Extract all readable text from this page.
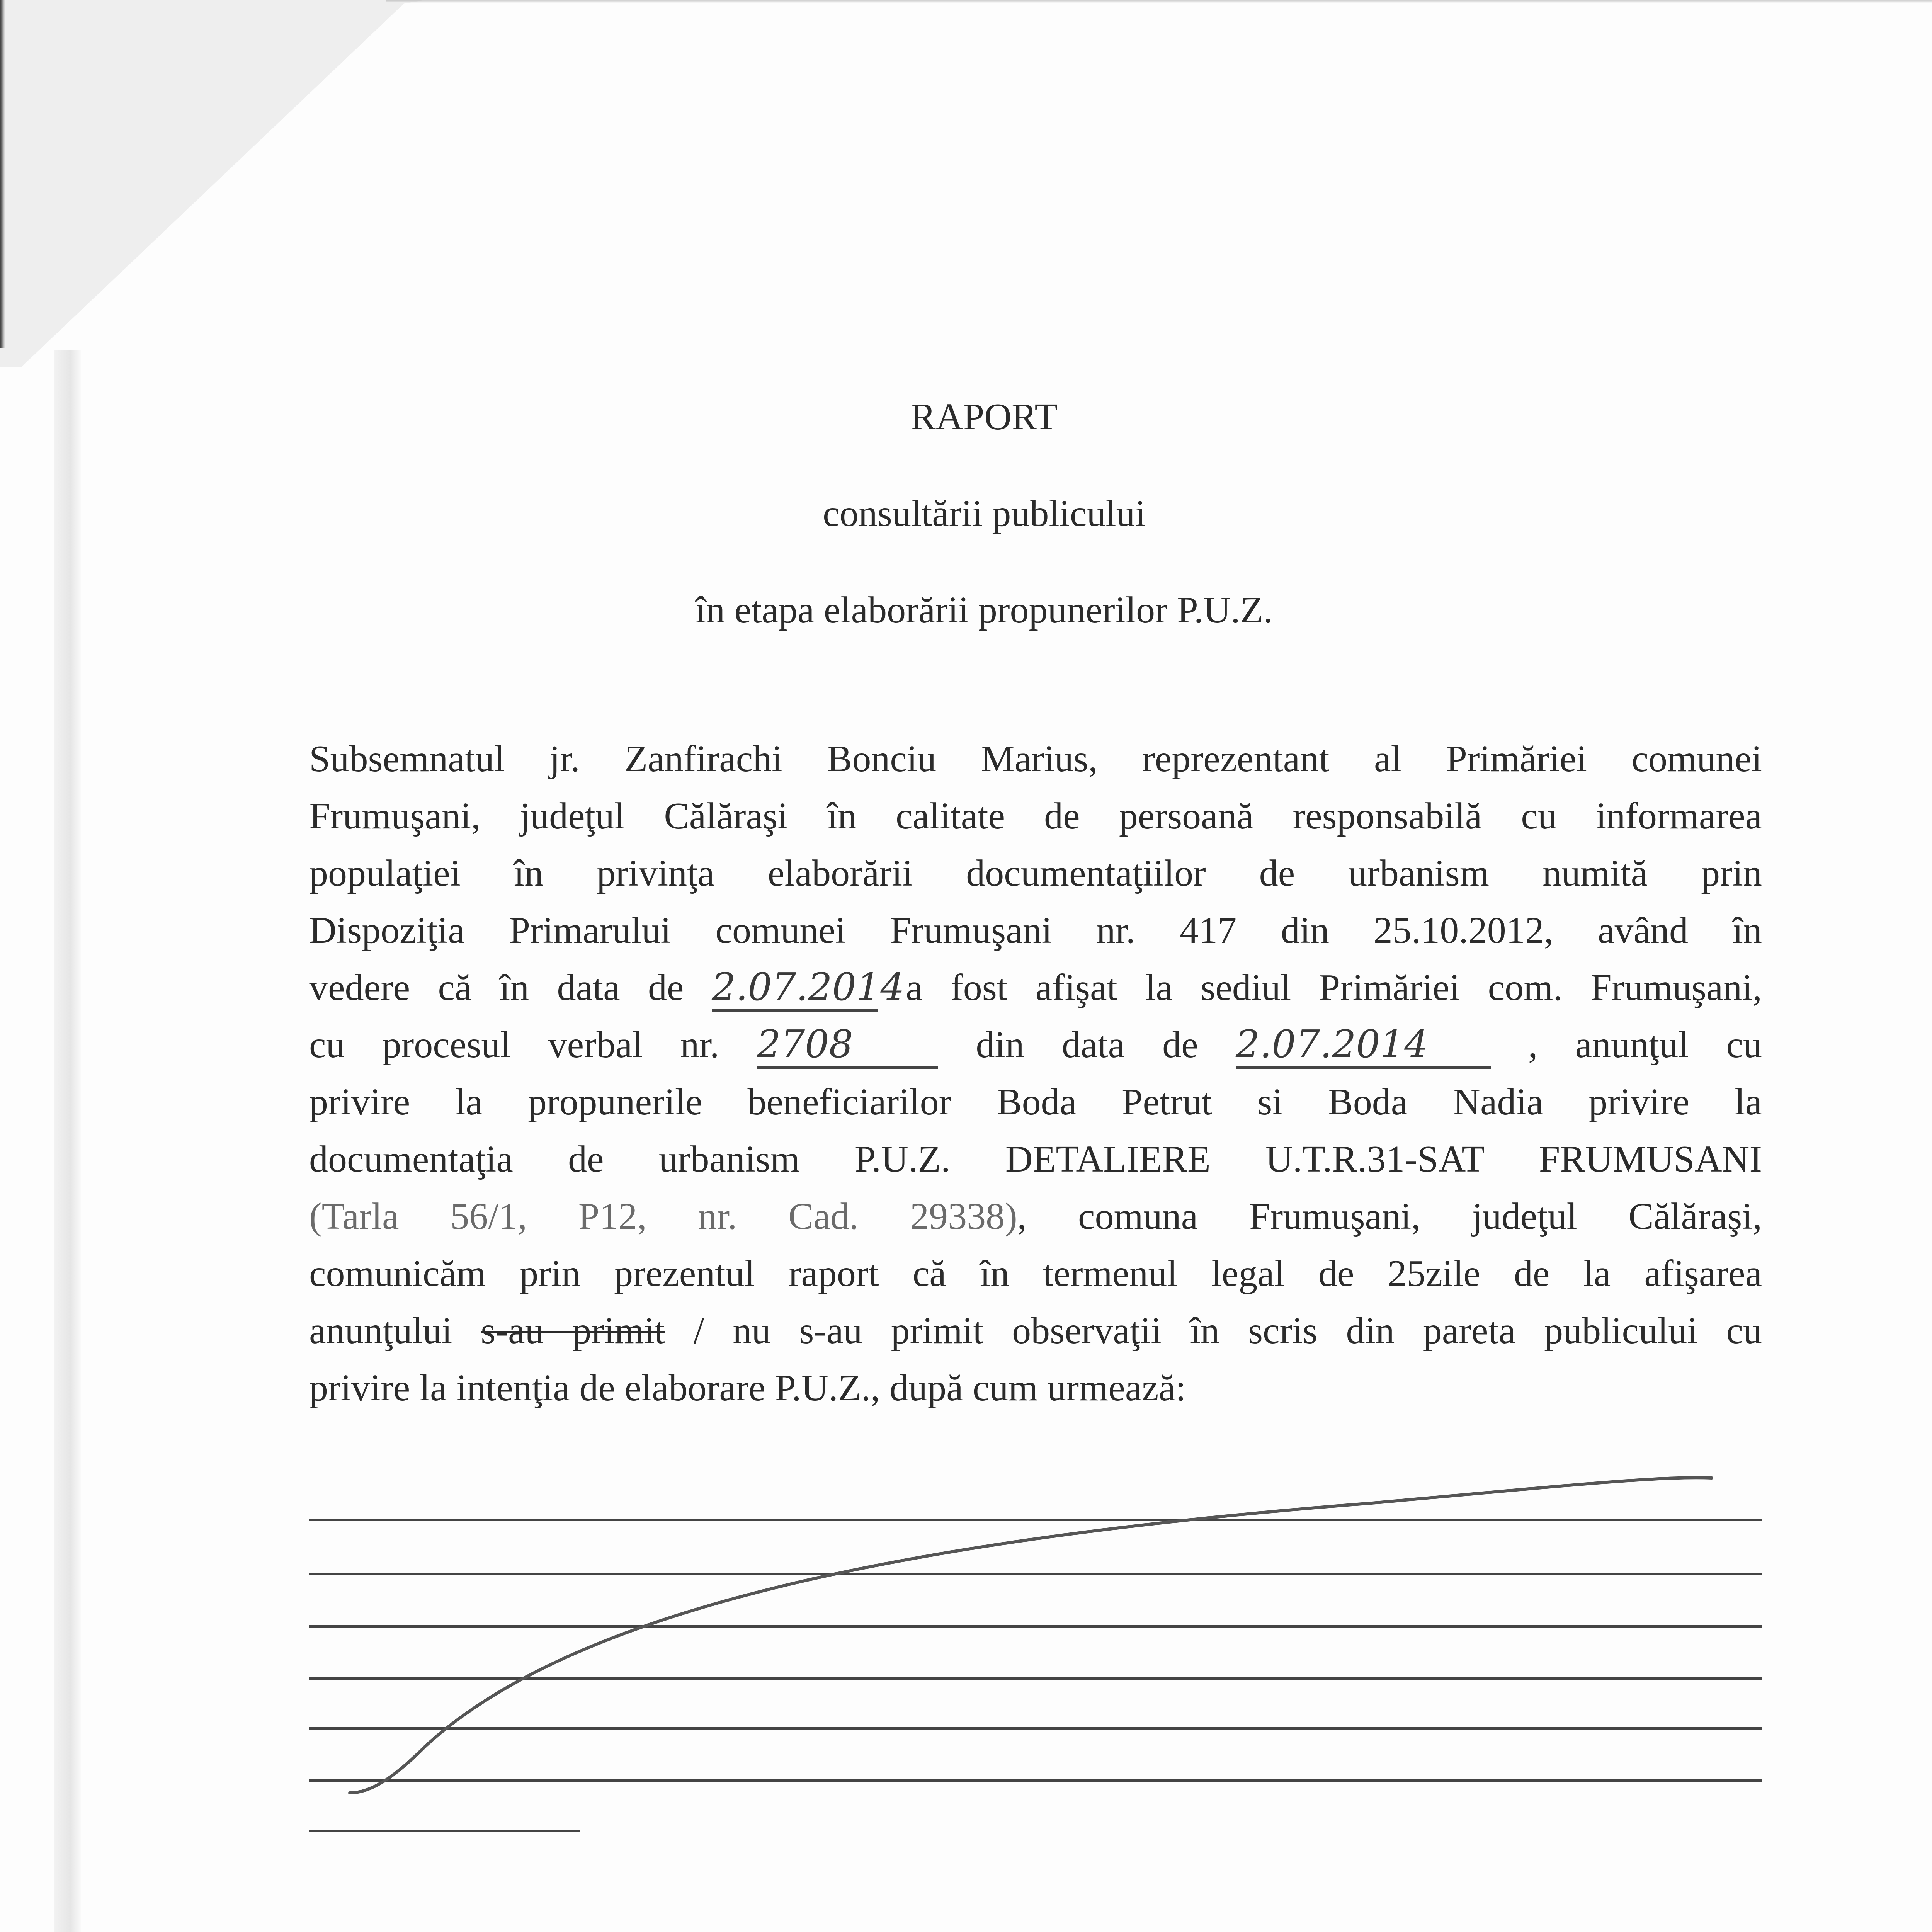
RAPORT
consultării publicului
în etapa elaborării propunerilor P.U.Z.
Subsemnatul jr. Zanfirachi Bonciu Marius, reprezentant al Primăriei comunei
Frumuşani, judeţul Călăraşi în calitate de persoană responsabilă cu informarea
populaţiei în privinţa elaborării documentaţiilor de urbanism numită prin
Dispoziţia Primarului comunei Frumuşani nr. 417 din 25.10.2012, având în
vedere că în data de 2.07.2014 a fost afişat la sediul Primăriei com. Frumuşani,
cu procesul verbal nr. 2708	din data de 2.07.2014	, anunţul cu
privire la propunerile beneficiarilor Boda Petrut si Boda Nadia privire la
documentaţia de urbanism P.U.Z. DETALIERE U.T.R.31-SAT FRUMUSANI
(Tarla 56/1, P12, nr. Cad. 29338), comuna Frumuşani, judeţul Călăraşi,
comunicăm prin prezentul raport că în termenul legal de 25zile de la afişarea
anunţului s-au primit / nu s-au primit observaţii în scris din pareta publicului cu
privire la intenţia de elaborare P.U.Z., după cum urmează:
